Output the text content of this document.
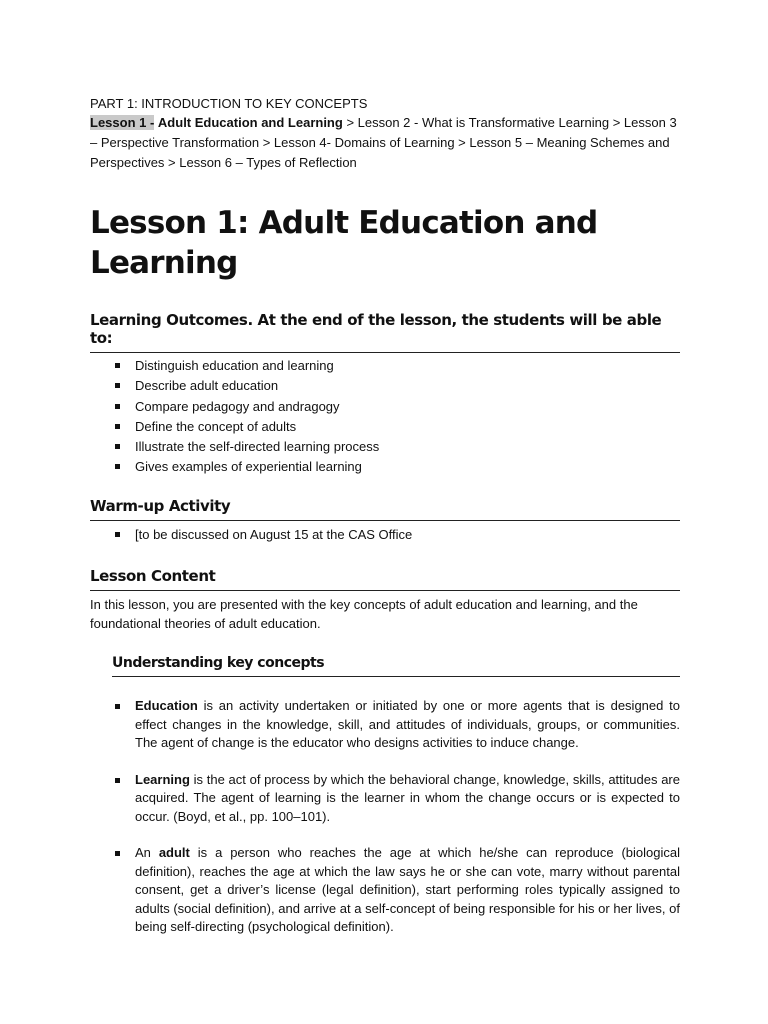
PART 1: INTRODUCTION TO KEY CONCEPTS

Lesson 1 - Adult Education and Learning > Lesson 2 - What is Transformative Learning > Lesson 3 – Perspective Transformation > Lesson 4- Domains of Learning > Lesson 5 – Meaning Schemes and Perspectives > Lesson 6 – Types of Reflection

Lesson 1: Adult Education and Learning
Learning Outcomes. At the end of the lesson, the students will be able to:
Distinguish education and learning
Describe adult education
Compare pedagogy and andragogy
Define the concept of adults
Illustrate the self-directed learning process
Gives examples of experiential learning
Warm-up Activity
[to be discussed on August 15 at the CAS Office
Lesson Content

In this lesson, you are presented with the key concepts of adult education and learning, and the foundational theories of adult education.

Understanding key concepts
Education is an activity undertaken or initiated by one or more agents that is designed to effect changes in the knowledge, skill, and attitudes of individuals, groups, or communities. The agent of change is the educator who designs activities to induce change.
Learning is the act of process by which the behavioral change, knowledge, skills, attitudes are acquired. The agent of learning is the learner in whom the change occurs or is expected to occur. (Boyd, et al., pp. 100–101).
An adult is a person who reaches the age at which he/she can reproduce (biological definition), reaches the age at which the law says he or she can vote, marry without parental consent, get a driver’s license (legal definition), start performing roles typically assigned to adults (social definition), and arrive at a self-concept of being responsible for his or her lives, of being self-directing (psychological definition).
